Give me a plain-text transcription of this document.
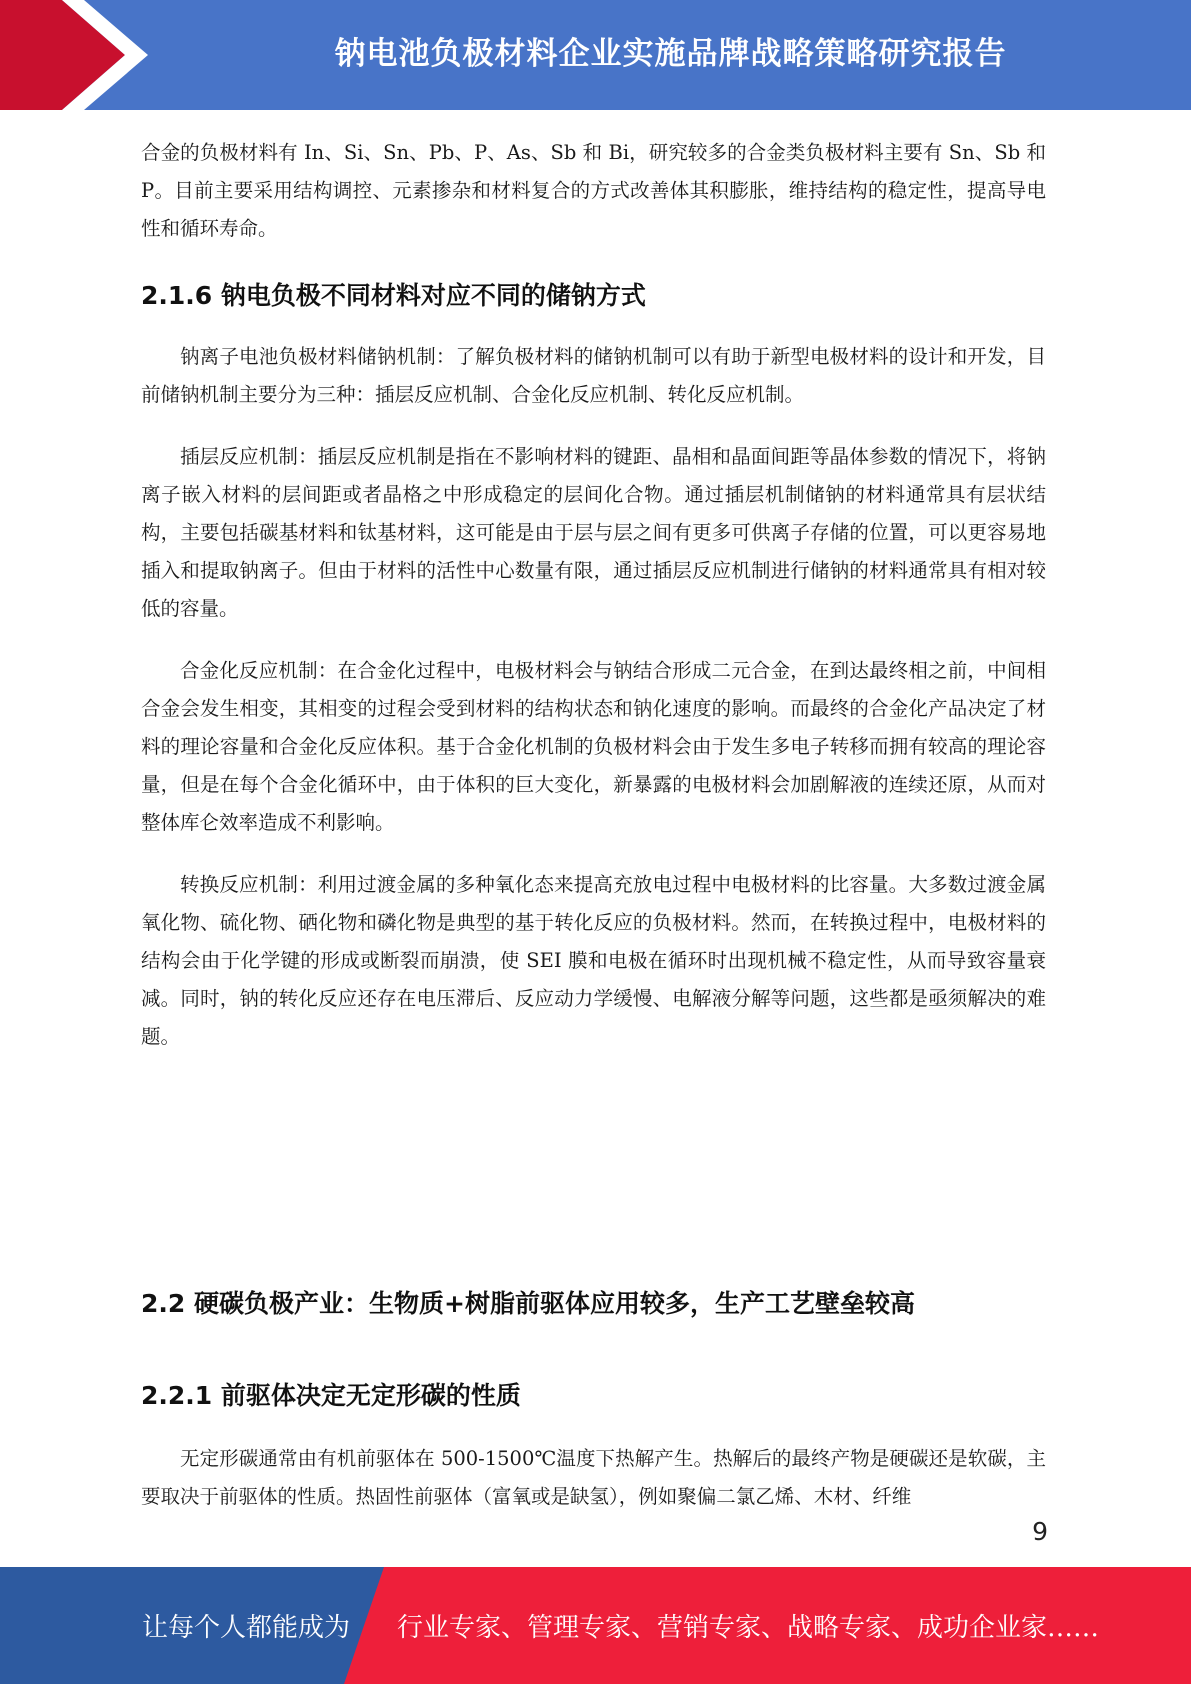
钠电池负极材料企业实施品牌战略策略研究报告

合金的负极材料有 In、Si、Sn、Pb、P、As、Sb 和 Bi，研究较多的合金类负极材料主要有 Sn、Sb 和 P。目前主要采用结构调控、元素掺杂和材料复合的方式改善体其积膨胀，维持结构的稳定性，提高导电性和循环寿命。

2.1.6 钠电负极不同材料对应不同的储钠方式

钠离子电池负极材料储钠机制：了解负极材料的储钠机制可以有助于新型电极材料的设计和开发，目前储钠机制主要分为三种：插层反应机制、合金化反应机制、转化反应机制。

插层反应机制：插层反应机制是指在不影响材料的键距、晶相和晶面间距等晶体参数的情况下，将钠离子嵌入材料的层间距或者晶格之中形成稳定的层间化合物。通过插层机制储钠的材料通常具有层状结构，主要包括碳基材料和钛基材料，这可能是由于层与层之间有更多可供离子存储的位置，可以更容易地插入和提取钠离子。但由于材料的活性中心数量有限，通过插层反应机制进行储钠的材料通常具有相对较低的容量。

合金化反应机制：在合金化过程中，电极材料会与钠结合形成二元合金，在到达最终相之前，中间相合金会发生相变，其相变的过程会受到材料的结构状态和钠化速度的影响。而最终的合金化产品决定了材料的理论容量和合金化反应体积。基于合金化机制的负极材料会由于发生多电子转移而拥有较高的理论容量，但是在每个合金化循环中，由于体积的巨大变化，新暴露的电极材料会加剧解液的连续还原，从而对整体库仑效率造成不利影响。

转换反应机制：利用过渡金属的多种氧化态来提高充放电过程中电极材料的比容量。大多数过渡金属氧化物、硫化物、硒化物和磷化物是典型的基于转化反应的负极材料。然而，在转换过程中，电极材料的结构会由于化学键的形成或断裂而崩溃，使 SEI 膜和电极在循环时出现机械不稳定性，从而导致容量衰减。同时，钠的转化反应还存在电压滞后、反应动力学缓慢、电解液分解等问题，这些都是亟须解决的难题。

2.2 硬碳负极产业：生物质+树脂前驱体应用较多，生产工艺壁垒较高
2.2.1 前驱体决定无定形碳的性质

无定形碳通常由有机前驱体在 500-1500℃温度下热解产生。热解后的最终产物是硬碳还是软碳，主要取决于前驱体的性质。热固性前驱体（富氧或是缺氢），例如聚偏二氯乙烯、木材、纤维

9
让每个人都能成为 行业专家、管理专家、营销专家、战略专家、成功企业家……
